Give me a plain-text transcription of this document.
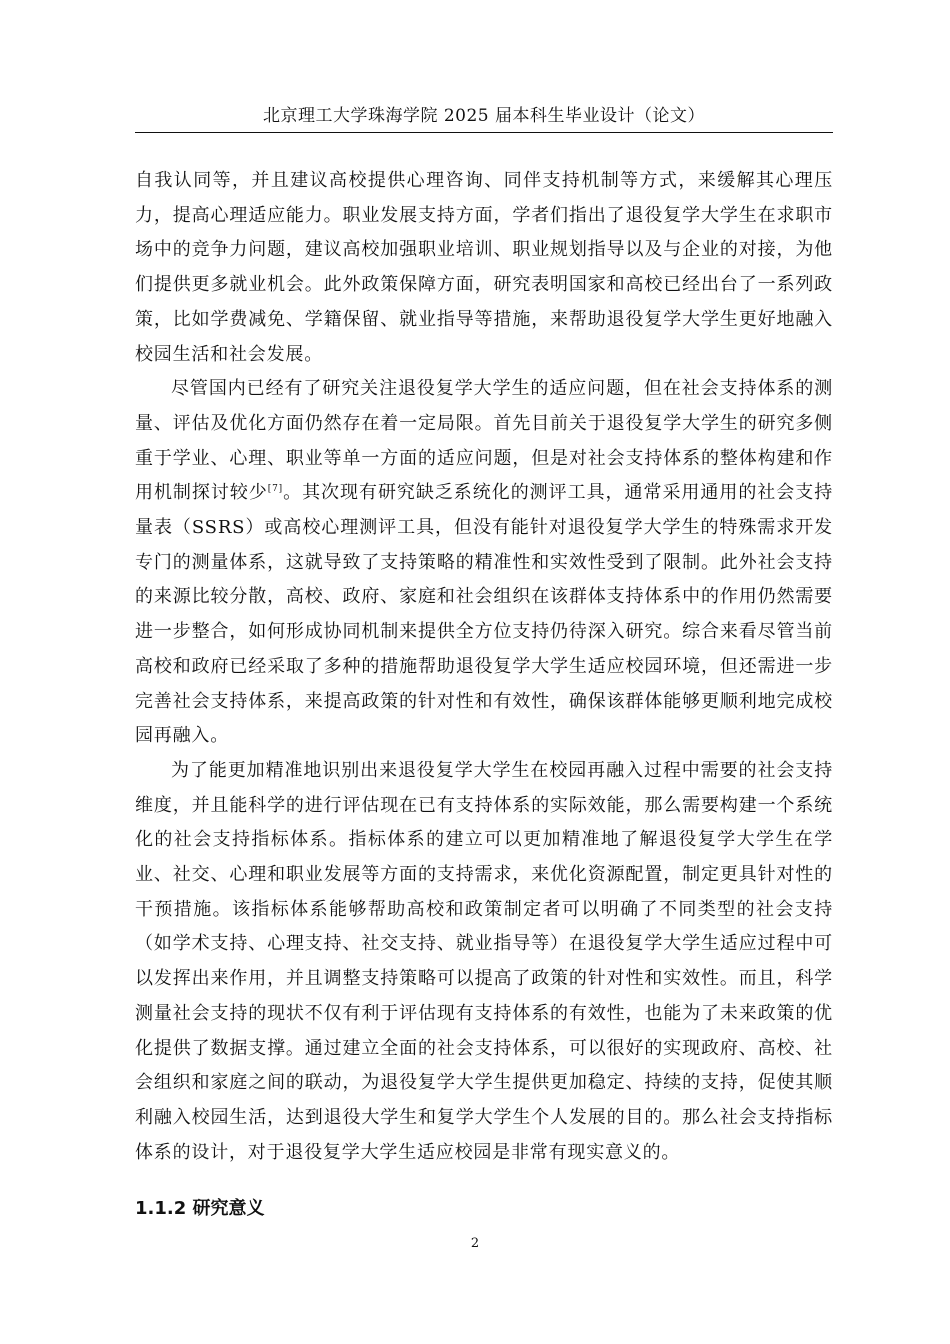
北京理工大学珠海学院 2025 届本科生毕业设计（论文）

自我认同等，并且建议高校提供心理咨询、同伴支持机制等方式，来缓解其心理压力，提高心理适应能力。职业发展支持方面，学者们指出了退役复学大学生在求职市场中的竞争力问题，建议高校加强职业培训、职业规划指导以及与企业的对接，为他们提供更多就业机会。此外政策保障方面，研究表明国家和高校已经出台了一系列政策，比如学费减免、学籍保留、就业指导等措施，来帮助退役复学大学生更好地融入校园生活和社会发展。

尽管国内已经有了研究关注退役复学大学生的适应问题，但在社会支持体系的测量、评估及优化方面仍然存在着一定局限。首先目前关于退役复学大学生的研究多侧重于学业、心理、职业等单一方面的适应问题，但是对社会支持体系的整体构建和作用机制探讨较少[7]。其次现有研究缺乏系统化的测评工具，通常采用通用的社会支持量表（SSRS）或高校心理测评工具，但没有能针对退役复学大学生的特殊需求开发专门的测量体系，这就导致了支持策略的精准性和实效性受到了限制。此外社会支持的来源比较分散，高校、政府、家庭和社会组织在该群体支持体系中的作用仍然需要进一步整合，如何形成协同机制来提供全方位支持仍待深入研究。综合来看尽管当前高校和政府已经采取了多种的措施帮助退役复学大学生适应校园环境，但还需进一步完善社会支持体系，来提高政策的针对性和有效性，确保该群体能够更顺利地完成校园再融入。

为了能更加精准地识别出来退役复学大学生在校园再融入过程中需要的社会支持维度，并且能科学的进行评估现在已有支持体系的实际效能，那么需要构建一个系统化的社会支持指标体系。指标体系的建立可以更加精准地了解退役复学大学生在学业、社交、心理和职业发展等方面的支持需求，来优化资源配置，制定更具针对性的干预措施。该指标体系能够帮助高校和政策制定者可以明确了不同类型的社会支持（如学术支持、心理支持、社交支持、就业指导等）在退役复学大学生适应过程中可以发挥出来作用，并且调整支持策略可以提高了政策的针对性和实效性。而且，科学测量社会支持的现状不仅有利于评估现有支持体系的有效性，也能为了未来政策的优化提供了数据支撑。通过建立全面的社会支持体系，可以很好的实现政府、高校、社会组织和家庭之间的联动，为退役复学大学生提供更加稳定、持续的支持，促使其顺利融入校园生活，达到退役大学生和复学大学生个人发展的目的。那么社会支持指标体系的设计，对于退役复学大学生适应校园是非常有现实意义的。

1.1.2 研究意义
2
